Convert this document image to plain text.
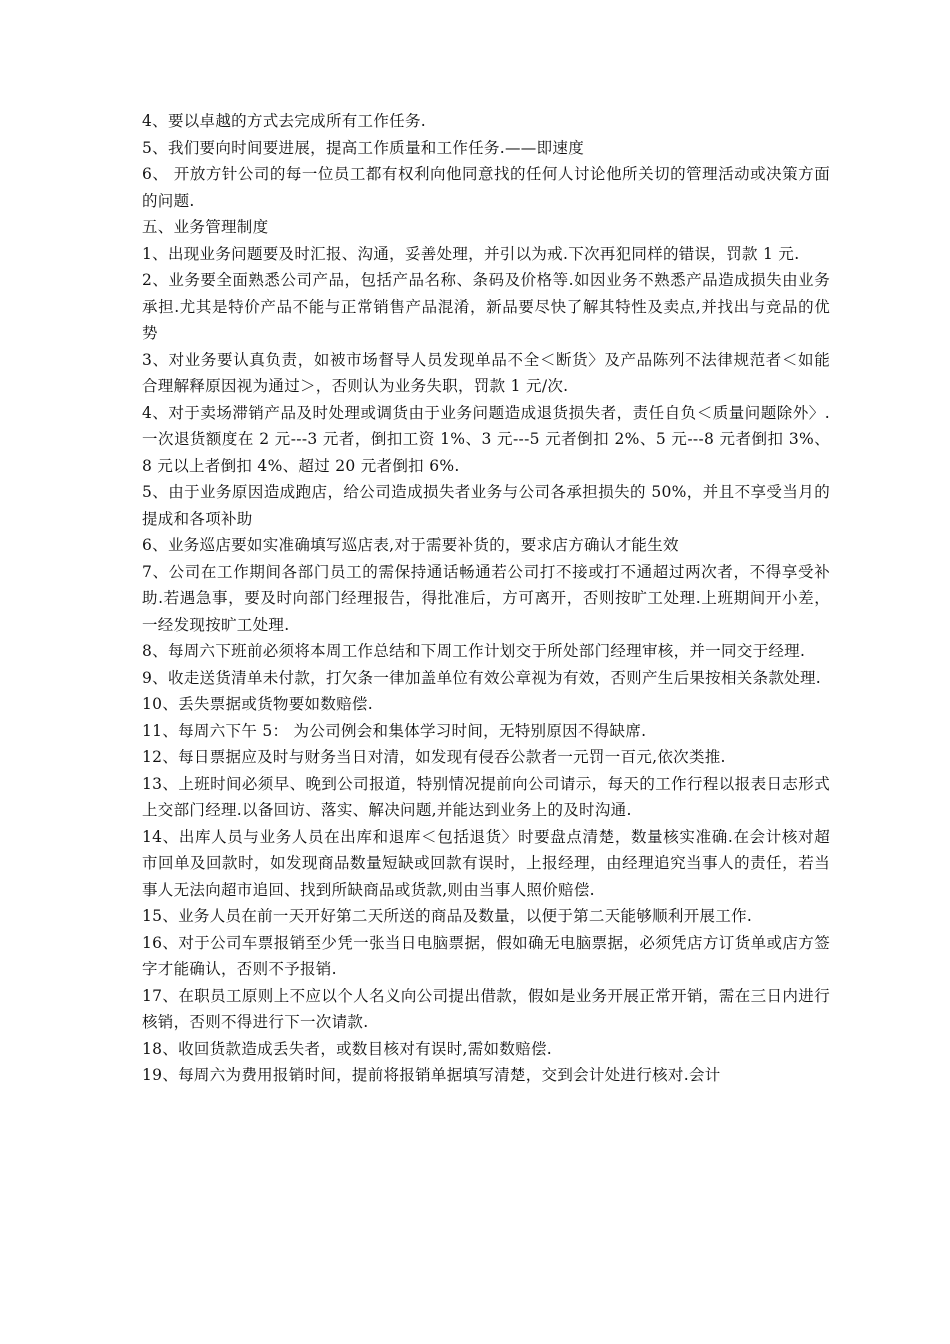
4、要以卓越的方式去完成所有工作任务.

5、我们要向时间要进展，提高工作质量和工作任务.——即速度

6、 开放方针公司的每一位员工都有权利向他同意找的任何人讨论他所关切的管理活动或决策方面的问题.

五、业务管理制度

1、出现业务问题要及时汇报、沟通，妥善处理，并引以为戒.下次再犯同样的错误，罚款 1 元.

2、业务要全面熟悉公司产品，包括产品名称、条码及价格等.如因业务不熟悉产品造成损失由业务承担.尤其是特价产品不能与正常销售产品混淆，新品要尽快了解其特性及卖点,并找出与竞品的优势

3、对业务要认真负责，如被市场督导人员发现单品不全＜断货〉及产品陈列不法律规范者＜如能合理解释原因视为通过＞，否则认为业务失职，罚款 1 元/次.

4、对于卖场滞销产品及时处理或调货由于业务问题造成退货损失者，责任自负＜质量问题除外〉.一次退货额度在 2 元---3 元者，倒扣工资 1%、3 元---5 元者倒扣 2%、5 元---8 元者倒扣 3%、8 元以上者倒扣 4%、超过 20 元者倒扣 6%.

5、由于业务原因造成跑店，给公司造成损失者业务与公司各承担损失的 50%，并且不享受当月的提成和各项补助

6、业务巡店要如实准确填写巡店表,对于需要补货的，要求店方确认才能生效

7、公司在工作期间各部门员工的需保持通话畅通若公司打不接或打不通超过两次者，不得享受补助.若遇急事，要及时向部门经理报告，得批准后，方可离开，否则按旷工处理.上班期间开小差，一经发现按旷工处理.

8、每周六下班前必须将本周工作总结和下周工作计划交于所处部门经理审核，并一同交于经理.

9、收走送货清单未付款，打欠条一律加盖单位有效公章视为有效，否则产生后果按相关条款处理.

10、丢失票据或货物要如数赔偿.

11、每周六下午 5： 为公司例会和集体学习时间，无特别原因不得缺席.

12、每日票据应及时与财务当日对清，如发现有侵吞公款者一元罚一百元,依次类推.

13、上班时间必须早、晚到公司报道，特别情况提前向公司请示，每天的工作行程以报表日志形式上交部门经理.以备回访、落实、解决问题,并能达到业务上的及时沟通.

14、出库人员与业务人员在出库和退库＜包括退货〉时要盘点清楚，数量核实准确.在会计核对超市回单及回款时，如发现商品数量短缺或回款有误时，上报经理，由经理追究当事人的责任，若当事人无法向超市追回、找到所缺商品或货款,则由当事人照价赔偿.

15、业务人员在前一天开好第二天所送的商品及数量，以便于第二天能够顺利开展工作.

16、对于公司车票报销至少凭一张当日电脑票据，假如确无电脑票据，必须凭店方订货单或店方签字才能确认，否则不予报销.

17、在职员工原则上不应以个人名义向公司提出借款，假如是业务开展正常开销，需在三日内进行核销，否则不得进行下一次请款.

18、收回货款造成丢失者，或数目核对有误时,需如数赔偿.

19、每周六为费用报销时间，提前将报销单据填写清楚，交到会计处进行核对.会计
